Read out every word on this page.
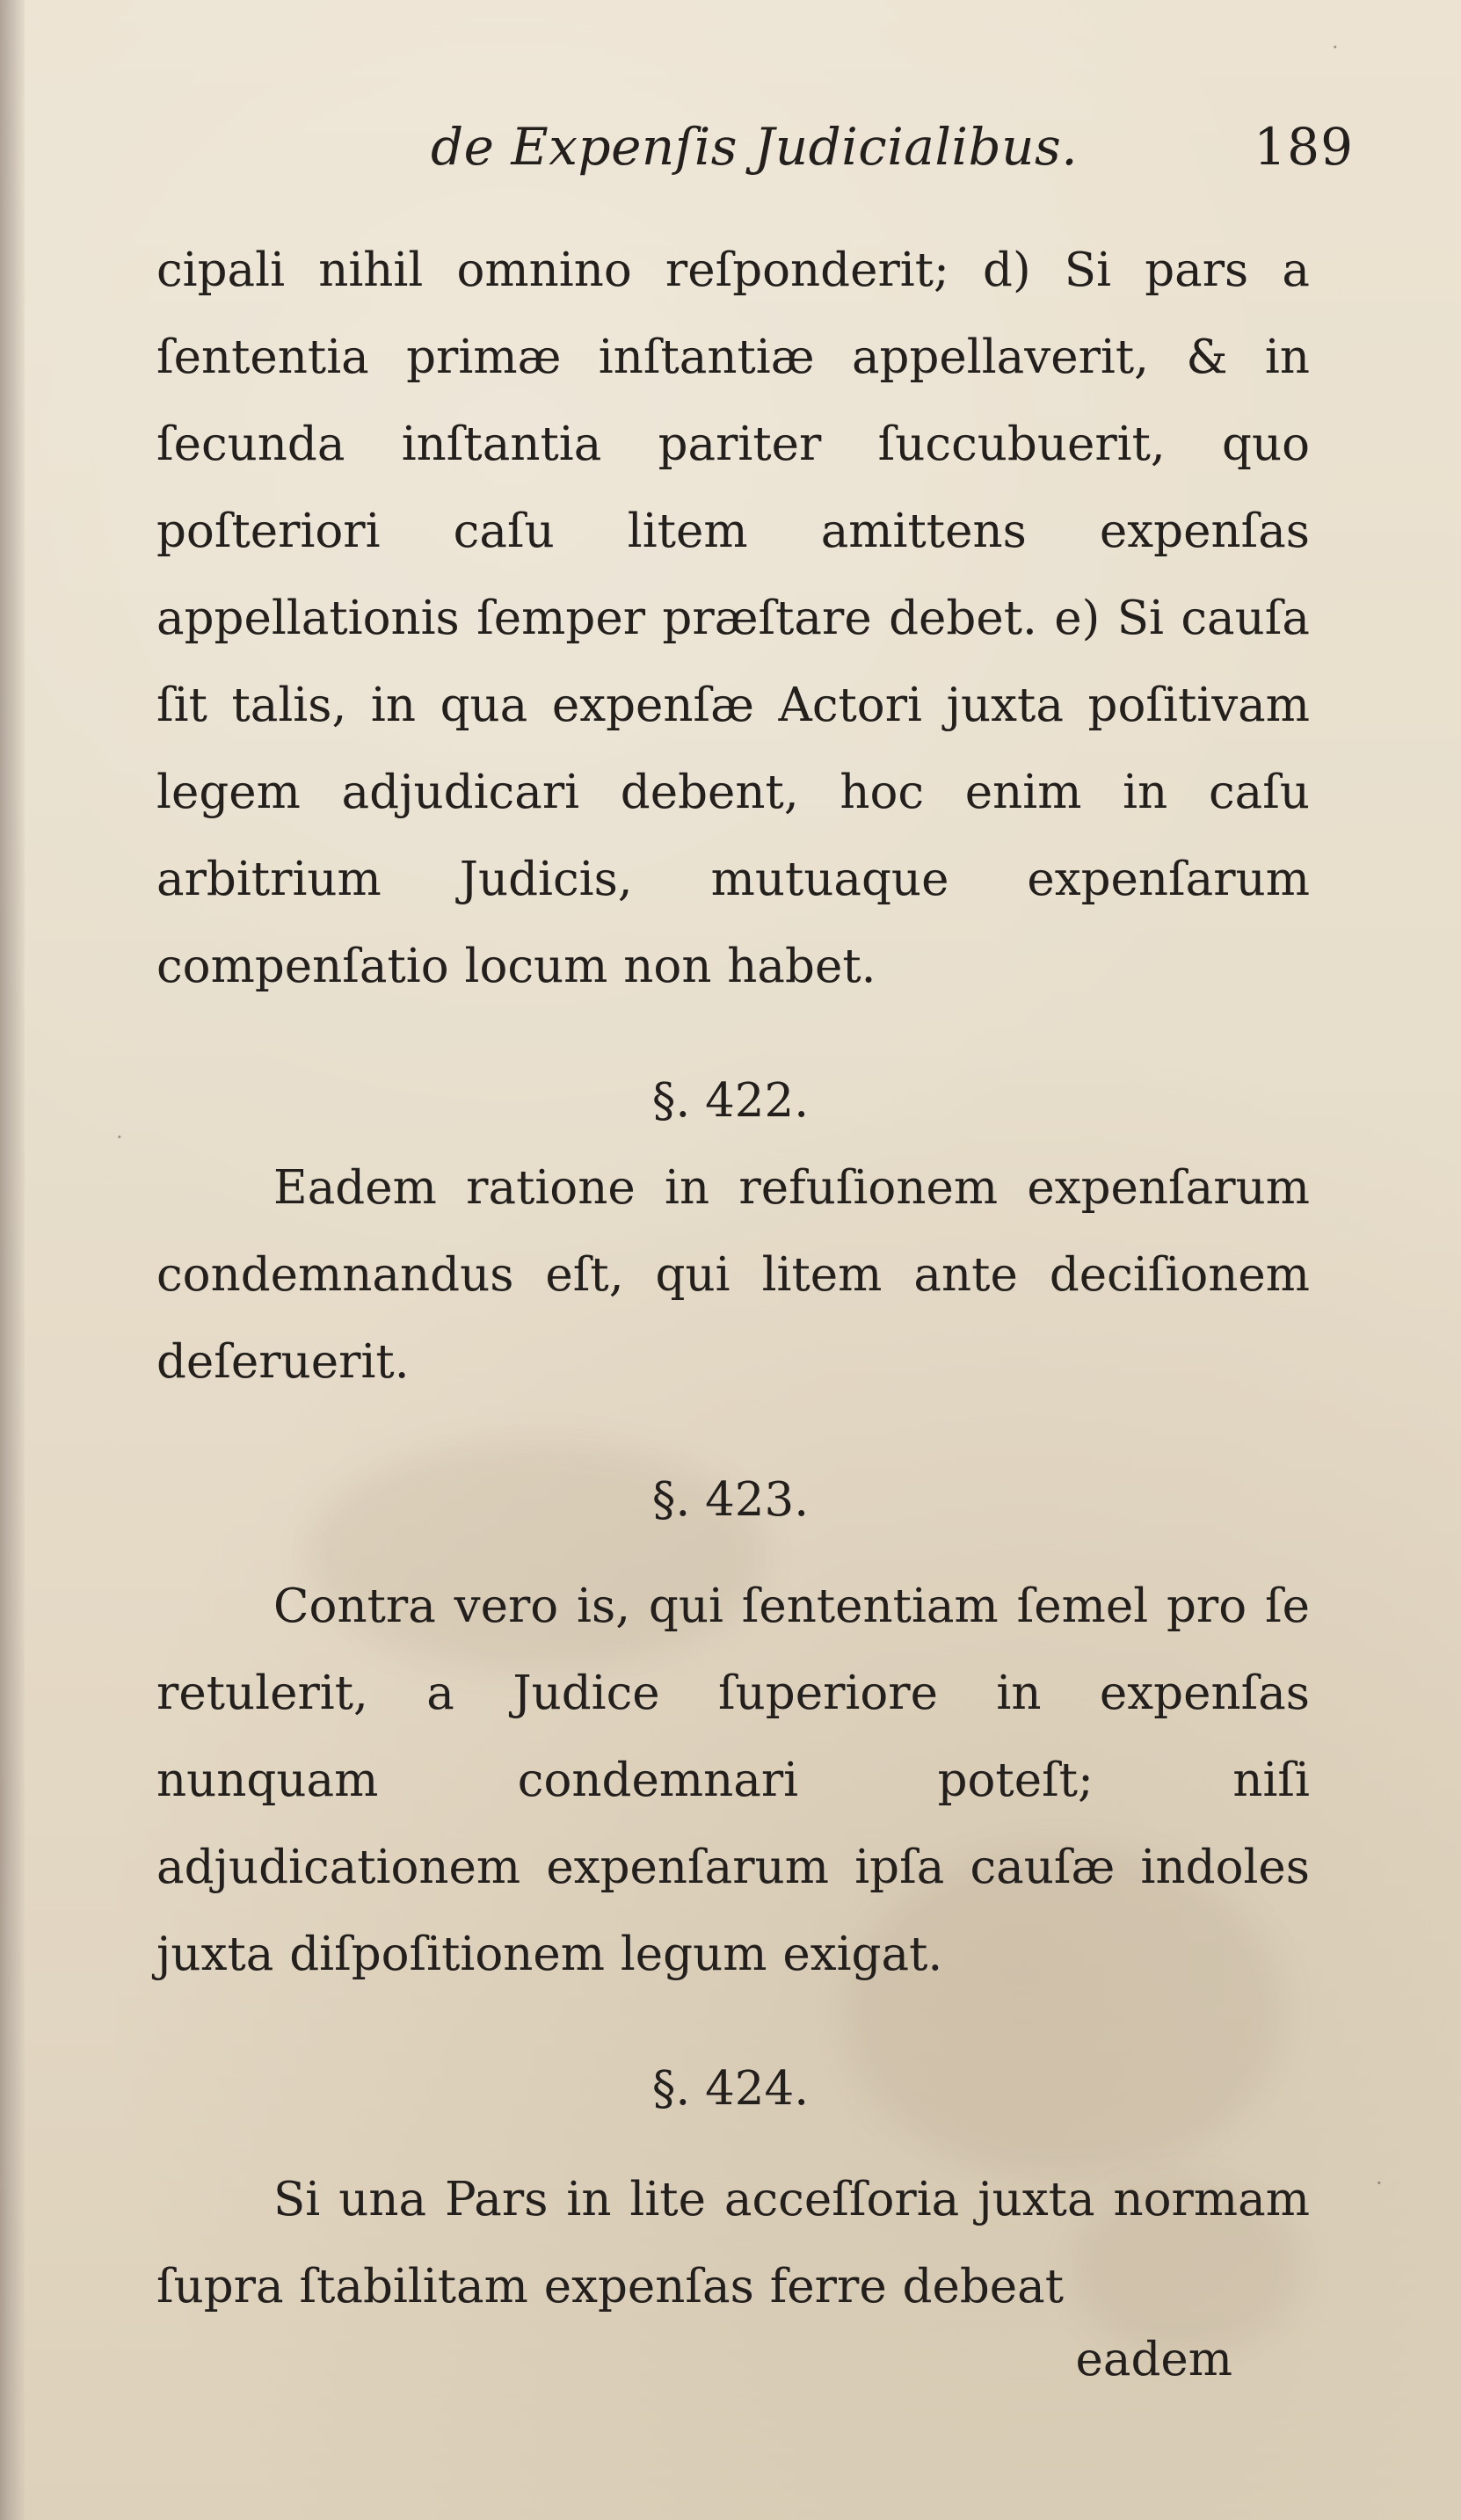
de Expenſis Judicialibus.	189
cipali nihil omnino reſponderit; d) Si pars a ſententia primæ inſtantiæ appellaverit, & in ſecunda inſtantia pariter ſuccubuerit, quo poſteriori caſu litem amittens expenſas appellationis ſemper præſtare debet. e) Si cauſa ſit talis, in qua expenſæ Actori juxta poſitivam legem adjudicari debent, hoc enim in caſu arbitrium Judicis, mutuaque expenſarum compenſatio locum non habet.
§. 422.
Eadem ratione in refuſionem expenſarum condemnandus eſt, qui litem ante deciſionem deſeruerit.
§. 423.
Contra vero is, qui ſententiam ſemel pro ſe retulerit, a Judice ſuperiore in expenſas nunquam condemnari poteſt; niſi adjudicationem expenſarum ipſa cauſæ indoles juxta diſpoſitionem legum exigat.
§. 424.
Si una Pars in lite acceſſoria juxta normam ſupra ſtabilitam expenſas ferre debeat
eadem
·
·
·
